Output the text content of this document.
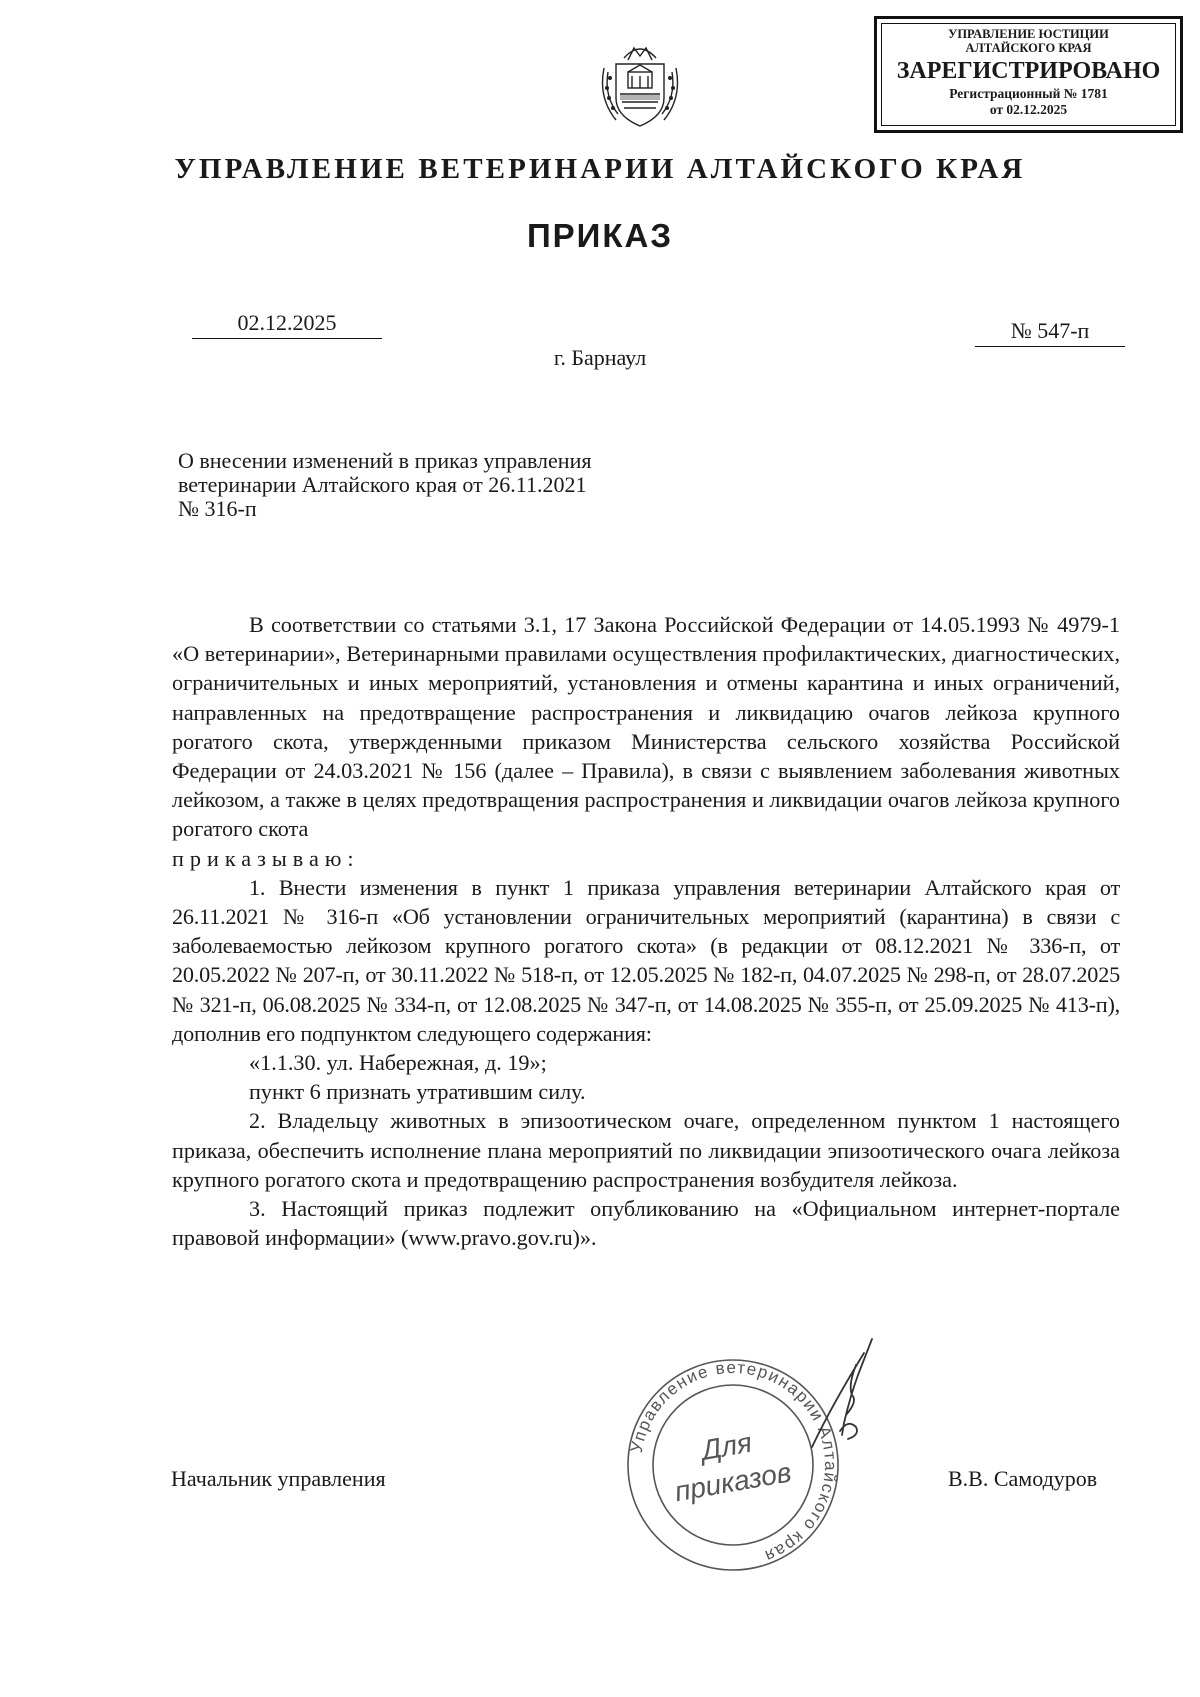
УПРАВЛЕНИЕ ЮСТИЦИИ
АЛТАЙСКОГО КРАЯ
ЗАРЕГИСТРИРОВАНО
Регистрационный № 1781
от 02.12.2025
УПРАВЛЕНИЕ ВЕТЕРИНАРИИ АЛТАЙСКОГО КРАЯ
ПРИКАЗ
02.12.2025	№ 547-п
г. Барнаул
О внесении изменений в приказ управления
ветеринарии Алтайского края от 26.11.2021
№ 316-п

В соответствии со статьями 3.1, 17 Закона Российской Федерации от 14.05.1993 № 4979-1 «О ветеринарии», Ветеринарными правилами осуществления профилактических, диагностических, ограничительных и иных мероприятий, установления и отмены карантина и иных ограничений, направленных на предотвращение распространения и ликвидацию очагов лейкоза крупного рогатого скота, утвержденными приказом Министерства сельского хозяйства Российской Федерации от 24.03.2021 № 156 (далее – Правила), в связи с выявлением заболевания животных лейкозом, а также в целях предотвращения распространения и ликвидации очагов лейкоза крупного рогатого скота

приказываю:

1. Внести изменения в пункт 1 приказа управления ветеринарии Алтайского края от 26.11.2021 № 316-п «Об установлении ограничительных мероприятий (карантина) в связи с заболеваемостью лейкозом крупного рогатого скота» (в редакции от 08.12.2021 № 336-п, от 20.05.2022 № 207-п, от 30.11.2022 № 518-п, от 12.05.2025 № 182-п, 04.07.2025 № 298-п, от 28.07.2025 № 321-п, 06.08.2025 № 334-п, от 12.08.2025 № 347-п, от 14.08.2025 № 355-п, от 25.09.2025 № 413-п), дополнив его подпунктом следующего содержания:

«1.1.30. ул. Набережная, д. 19»;

пункт 6 признать утратившим силу.

2. Владельцу животных в эпизоотическом очаге, определенном пунктом 1 настоящего приказа, обеспечить исполнение плана мероприятий по ликвидации эпизоотического очага лейкоза крупного рогатого скота и предотвращению распространения возбудителя лейкоза.

3. Настоящий приказ подлежит опубликованию на «Официальном интернет-портале правовой информации» (www.pravo.gov.ru)».

Управление ветеринарии Алтайского края
Для
приказов
Начальник управления	В.В. Самодуров
